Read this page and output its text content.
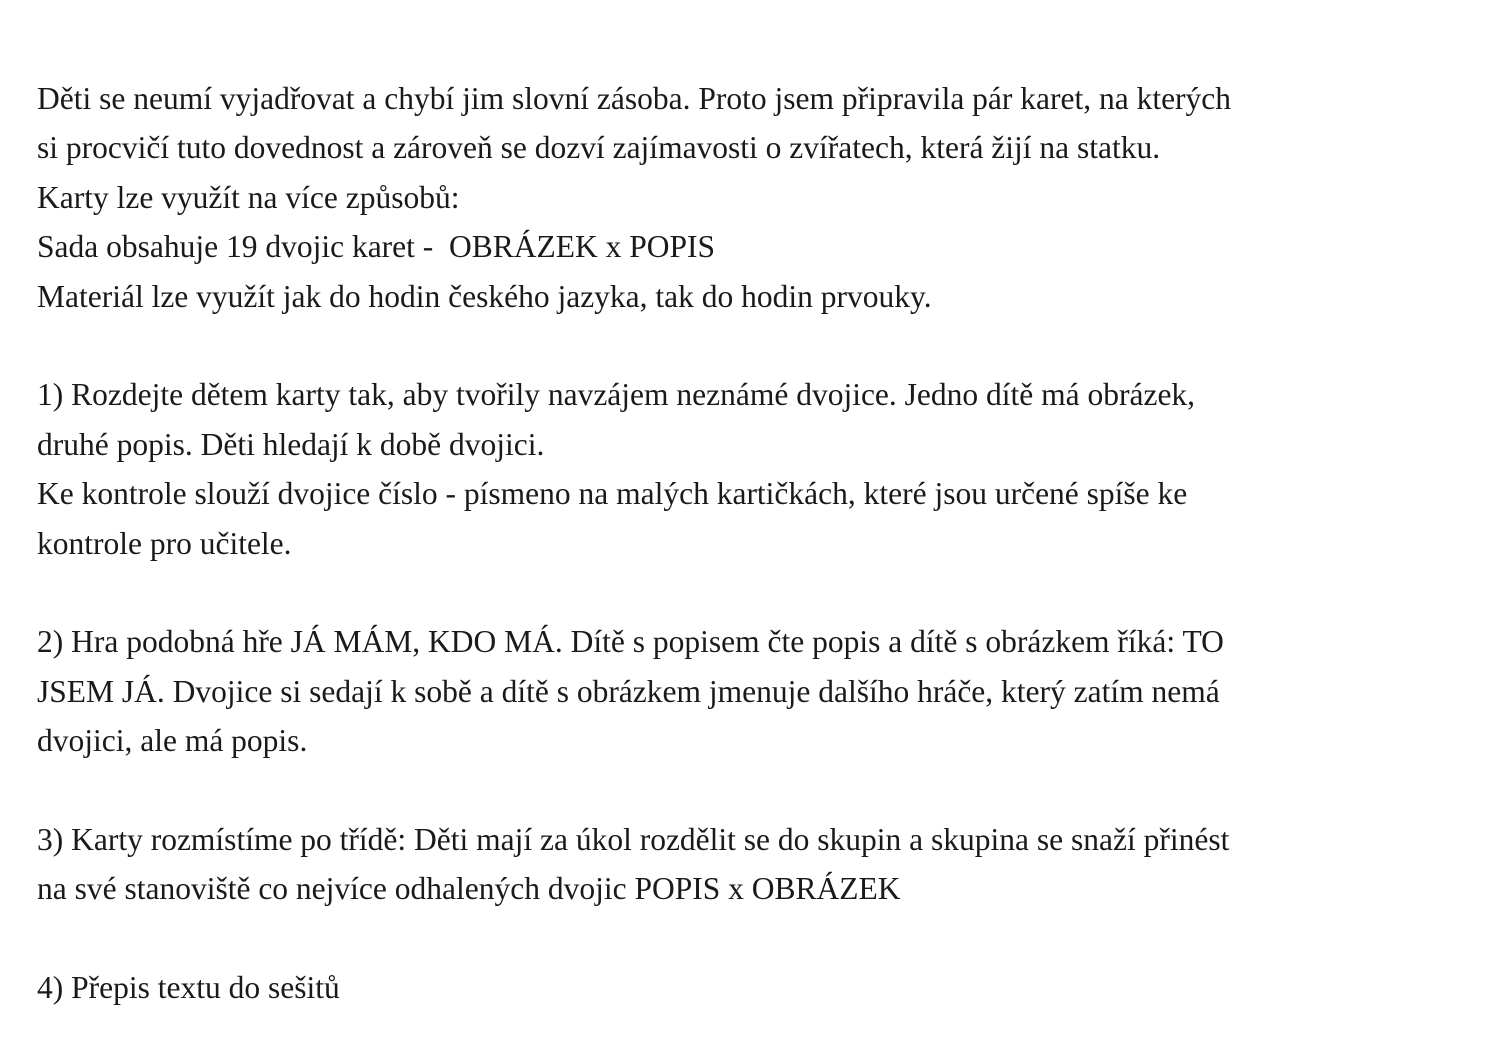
Děti se neumí vyjadřovat a chybí jim slovní zásoba. Proto jsem připravila pár karet, na kterých
si procvičí tuto dovednost a zároveň se dozví zajímavosti o zvířatech, která žijí na statku.
Karty lze využít na více způsobů:
Sada obsahuje 19 dvojic karet -  OBRÁZEK x POPIS
Materiál lze využít jak do hodin českého jazyka, tak do hodin prvouky.
1) Rozdejte dětem karty tak, aby tvořily navzájem neznámé dvojice. Jedno dítě má obrázek,
druhé popis. Děti hledají k době dvojici.
Ke kontrole slouží dvojice číslo - písmeno na malých kartičkách, které jsou určené spíše ke
kontrole pro učitele.
2) Hra podobná hře JÁ MÁM, KDO MÁ. Dítě s popisem čte popis a dítě s obrázkem říká: TO
JSEM JÁ. Dvojice si sedají k sobě a dítě s obrázkem jmenuje dalšího hráče, který zatím nemá
dvojici, ale má popis.
3) Karty rozmístíme po třídě: Děti mají za úkol rozdělit se do skupin a skupina se snaží přinést
na své stanoviště co nejvíce odhalených dvojic POPIS x OBRÁZEK
4) Přepis textu do sešitů
